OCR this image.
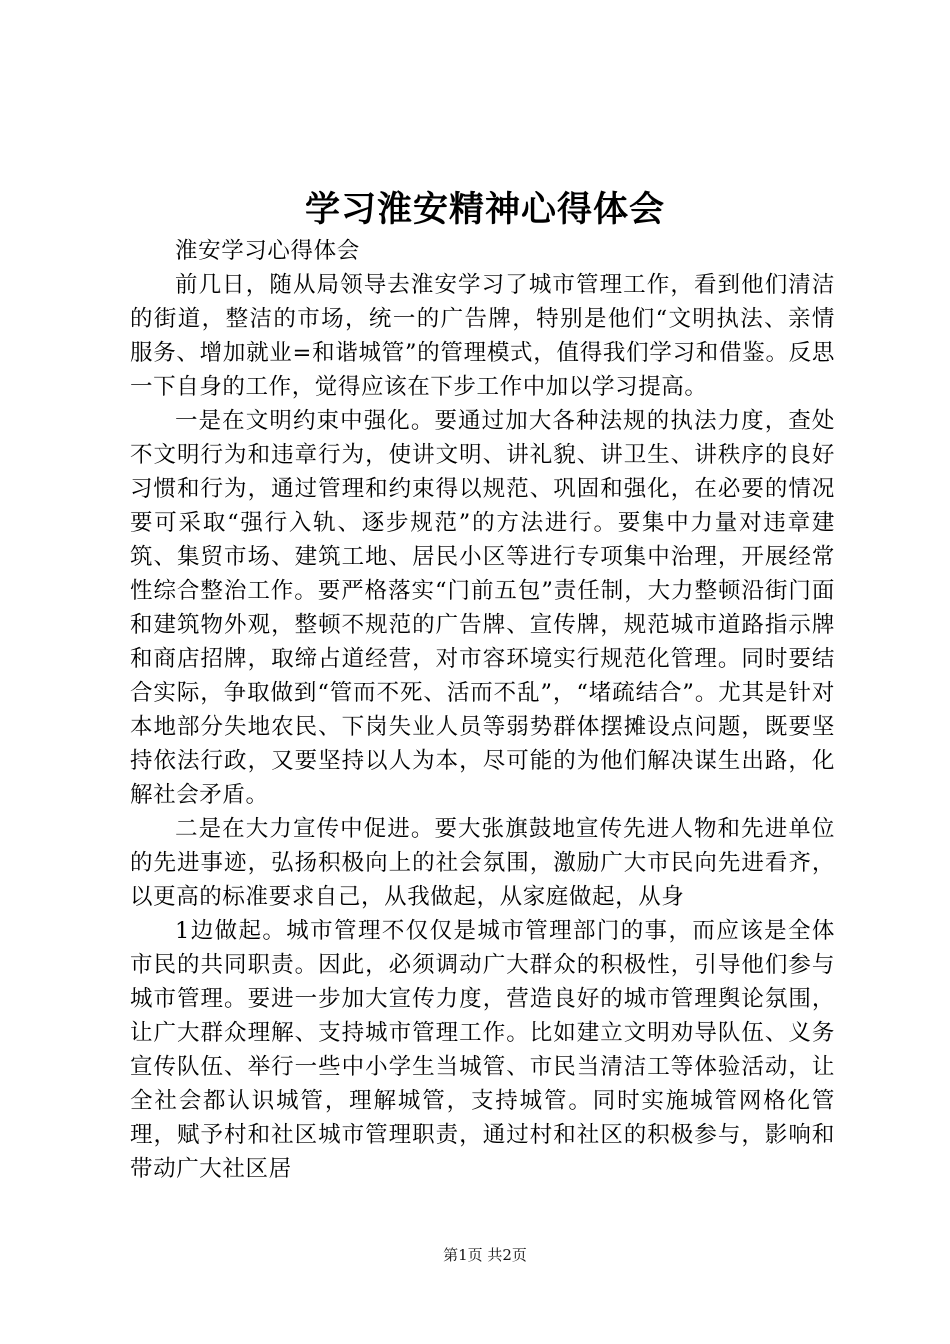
学习淮安精神心得体会

淮安学习心得体会

前几日，随从局领导去淮安学习了城市管理工作，看到他们清洁的街道，整洁的市场，统一的广告牌，特别是他们“文明执法、亲情服务、增加就业=和谐城管”的管理模式，值得我们学习和借鉴。反思一下自身的工作，觉得应该在下步工作中加以学习提高。

一是在文明约束中强化。要通过加大各种法规的执法力度，查处不文明行为和违章行为，使讲文明、讲礼貌、讲卫生、讲秩序的良好习惯和行为，通过管理和约束得以规范、巩固和强化，在必要的情况要可采取“强行入轨、逐步规范”的方法进行。要集中力量对违章建筑、集贸市场、建筑工地、居民小区等进行专项集中治理，开展经常性综合整治工作。要严格落实“门前五包”责任制，大力整顿沿街门面和建筑物外观，整顿不规范的广告牌、宣传牌，规范城市道路指示牌和商店招牌，取缔占道经营，对市容环境实行规范化管理。同时要结合实际，争取做到“管而不死、活而不乱”，“堵疏结合”。尤其是针对本地部分失地农民、下岗失业人员等弱势群体摆摊设点问题，既要坚持依法行政，又要坚持以人为本，尽可能的为他们解决谋生出路，化解社会矛盾。

二是在大力宣传中促进。要大张旗鼓地宣传先进人物和先进单位的先进事迹，弘扬积极向上的社会氛围，激励广大市民向先进看齐，以更高的标准要求自己，从我做起，从家庭做起，从身

1边做起。城市管理不仅仅是城市管理部门的事，而应该是全体市民的共同职责。因此，必须调动广大群众的积极性，引导他们参与城市管理。要进一步加大宣传力度，营造良好的城市管理舆论氛围，让广大群众理解、支持城市管理工作。比如建立文明劝导队伍、义务宣传队伍、举行一些中小学生当城管、市民当清洁工等体验活动，让全社会都认识城管，理解城管，支持城管。同时实施城管网格化管理，赋予村和社区城市管理职责，通过村和社区的积极参与，影响和带动广大社区居

第1页 共2页
